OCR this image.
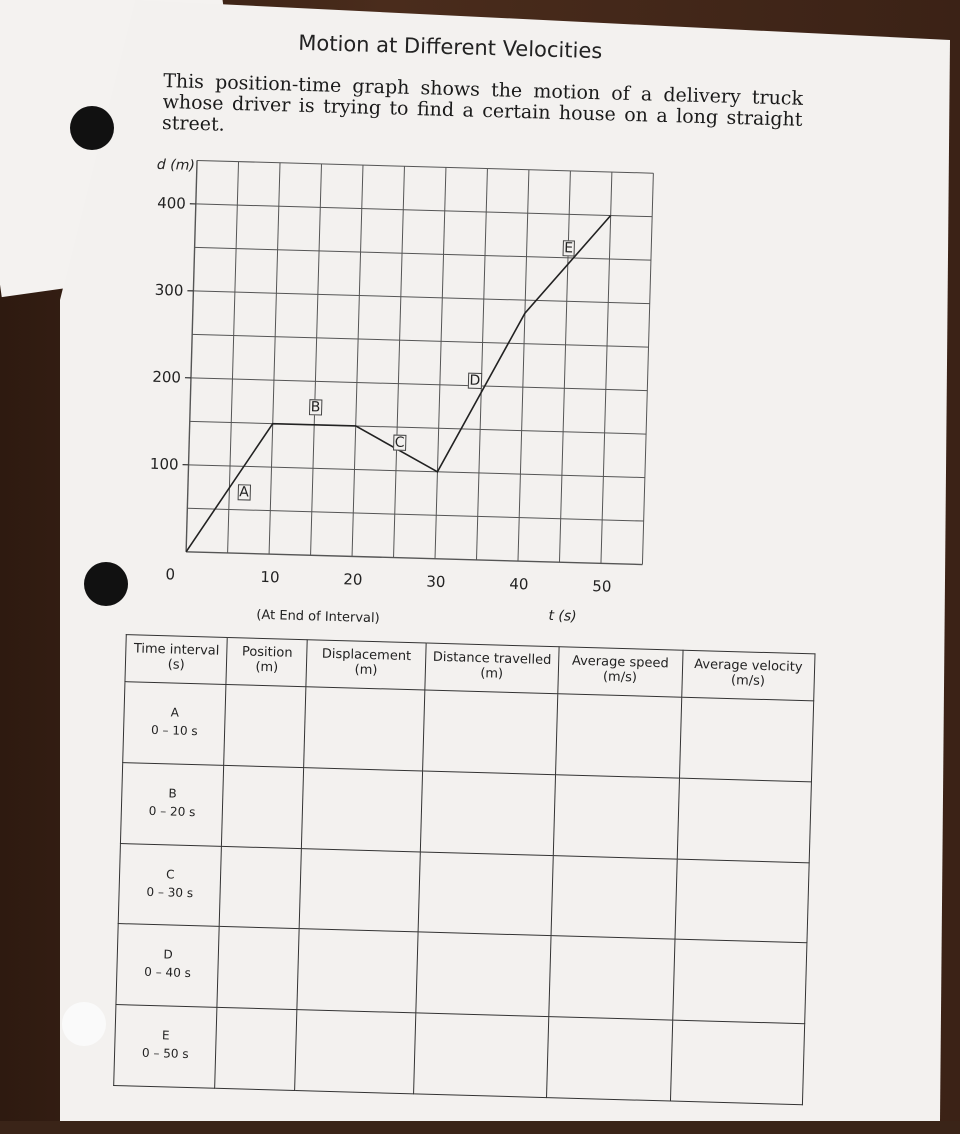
Motion at Different Velocities
This position-time graph shows the motion of a delivery truck whose driver is trying to find a certain house on a long straight street.
d (m)
100
200
300
400
0	10	20	30	40	50
A
B
C
D
E
t (s)
(At End of Interval)
Time interval (s)	Position (m)	Displacement (m)	Distance travelled (m)	Average speed (m/s)	Average velocity (m/s)

A
0 – 10 s					

B
0 – 20 s					

C
0 – 30 s					

D
0 – 40 s					

E
0 – 50 s					
